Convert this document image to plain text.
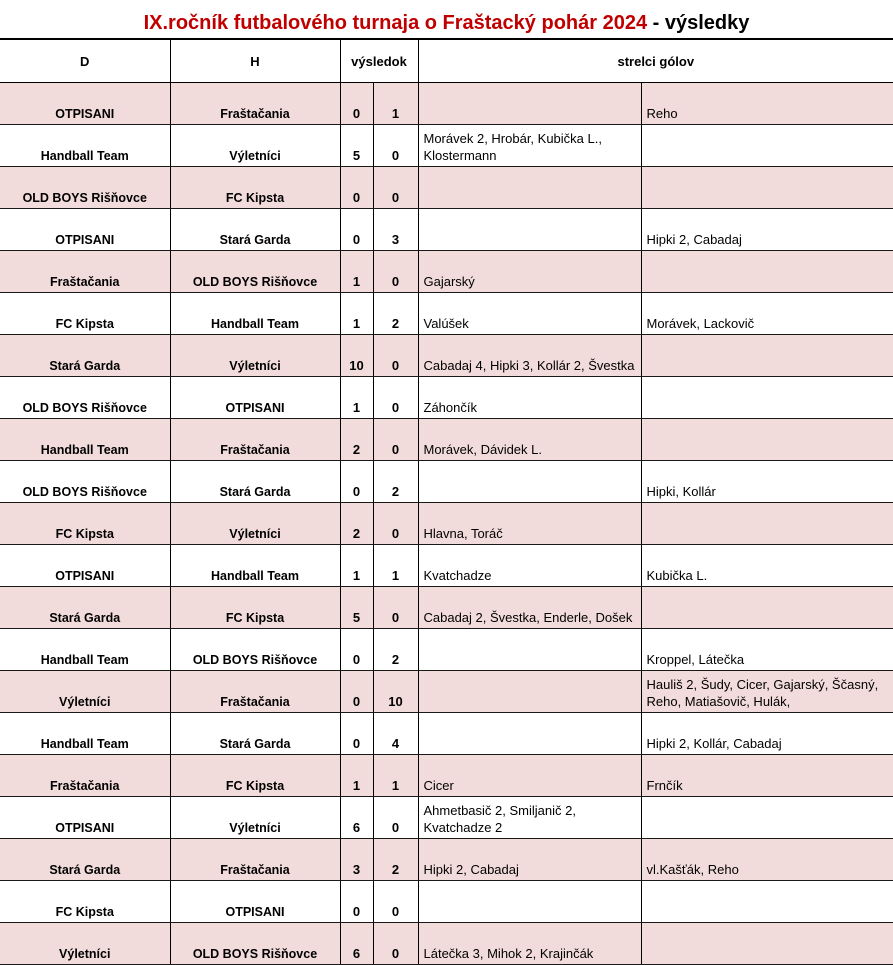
IX.ročník futbalového turnaja o Fraštacký pohár 2024 - výsledky
D	H	výsledok		strelci gólov	
OTPISANI	Fraštačania	0	1		Reho
Handball Team	Výletníci	5	0	Morávek 2, Hrobár, Kubička L., Klostermann	
OLD BOYS Rišňovce	FC Kipsta	0	0		
OTPISANI	Stará Garda	0	3		Hipki 2, Cabadaj
Fraštačania	OLD BOYS Rišňovce	1	0	Gajarský	
FC Kipsta	Handball Team	1	2	Valúšek	Morávek, Lackovič
Stará Garda	Výletníci	10	0	Cabadaj 4, Hipki 3, Kollár 2, Švestka	
OLD BOYS Rišňovce	OTPISANI	1	0	Záhončík	
Handball Team	Fraštačania	2	0	Morávek, Dávidek L.	
OLD BOYS Rišňovce	Stará Garda	0	2		Hipki, Kollár
FC Kipsta	Výletníci	2	0	Hlavna, Toráč	
OTPISANI	Handball Team	1	1	Kvatchadze	Kubička L.
Stará Garda	FC Kipsta	5	0	Cabadaj 2, Švestka, Enderle, Došek	
Handball Team	OLD BOYS Rišňovce	0	2		Kroppel, Látečka
Výletníci	Fraštačania	0	10		Hauliš 2, Šudy, Cicer, Gajarský, Ščasný, Reho, Matiašovič, Hulák,
Handball Team	Stará Garda	0	4		Hipki 2, Kollár, Cabadaj
Fraštačania	FC Kipsta	1	1	Cicer	Frnčík
OTPISANI	Výletníci	6	0	Ahmetbasič 2, Smiljanič 2, Kvatchadze 2	
Stará Garda	Fraštačania	3	2	Hipki 2, Cabadaj	vl.Kašťák, Reho
FC Kipsta	OTPISANI	0	0		
Výletníci	OLD BOYS Rišňovce	6	0	Látečka 3, Mihok 2, Krajinčák	
